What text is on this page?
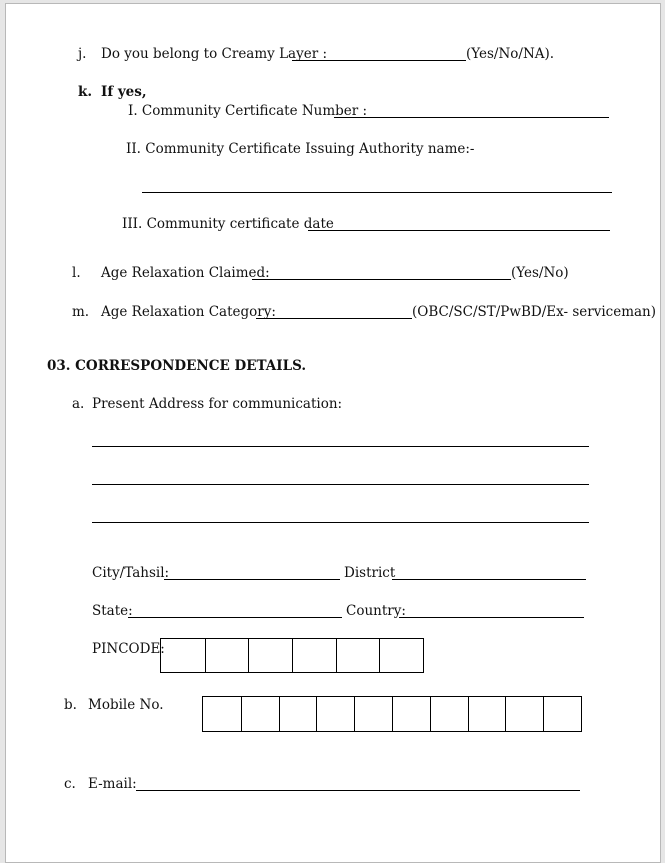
j. Do you belong to Creamy Layer :	(Yes/No/NA).
k. If yes,
I. Community Certificate Number :
II. Community Certificate Issuing Authority name:-
III. Community certificate date
l. Age Relaxation Claimed:	(Yes/No)
m. Age Relaxation Category:	(OBC/SC/ST/PwBD/Ex- serviceman)
03. CORRESPONDENCE DETAILS.
a. Present Address for communication:
City/Tahsil:	District
State:	Country:
PINCODE:
b. Mobile No.
c. E-mail:
